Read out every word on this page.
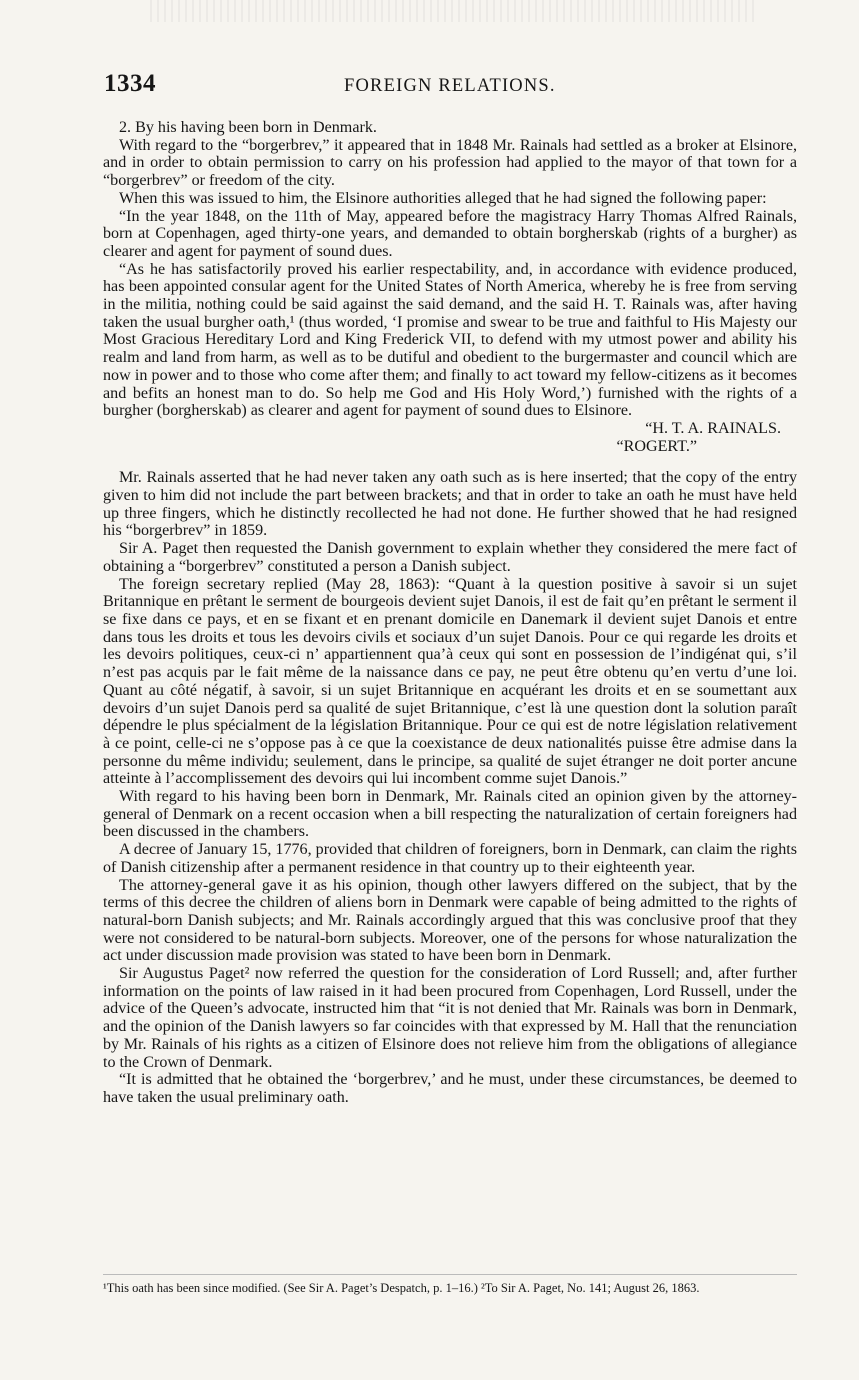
1334	FOREIGN RELATIONS.

2. By his having been born in Denmark.

With regard to the “borgerbrev,” it appeared that in 1848 Mr. Rainals had settled as a broker at Elsinore, and in order to obtain permission to carry on his profession had applied to the mayor of that town for a “borgerbrev” or freedom of the city.

When this was issued to him, the Elsinore authorities alleged that he had signed the following paper:

“In the year 1848, on the 11th of May, appeared before the magistracy Harry Thomas Alfred Rainals, born at Copenhagen, aged thirty-one years, and demanded to obtain borgherskab (rights of a burgher) as clearer and agent for payment of sound dues.

“As he has satisfactorily proved his earlier respectability, and, in accordance with evidence produced, has been appointed consular agent for the United States of North America, whereby he is free from serving in the militia, nothing could be said against the said demand, and the said H. T. Rainals was, after having taken the usual burgher oath,¹ (thus worded, ‘I promise and swear to be true and faithful to His Majesty our Most Gracious Hereditary Lord and King Frederick VII, to defend with my utmost power and ability his realm and land from harm, as well as to be dutiful and obedient to the burgermaster and council which are now in power and to those who come after them; and finally to act toward my fellow-citizens as it becomes and befits an honest man to do. So help me God and His Holy Word,’) furnished with the rights of a burgher (borgherskab) as clearer and agent for payment of sound dues to Elsinore.

“H. T. A. RAINALS.
“ROGERT.”

Mr. Rainals asserted that he had never taken any oath such as is here inserted; that the copy of the entry given to him did not include the part between brackets; and that in order to take an oath he must have held up three fingers, which he distinctly recollected he had not done. He further showed that he had resigned his “borgerbrev” in 1859.

Sir A. Paget then requested the Danish government to explain whether they considered the mere fact of obtaining a “borgerbrev” constituted a person a Danish subject.

The foreign secretary replied (May 28, 1863): “Quant à la question positive à savoir si un sujet Britannique en prêtant le serment de bourgeois devient sujet Danois, il est de fait qu’en prêtant le serment il se fixe dans ce pays, et en se fixant et en prenant domicile en Danemark il devient sujet Danois et entre dans tous les droits et tous les devoirs civils et sociaux d’un sujet Danois. Pour ce qui regarde les droits et les devoirs politiques, ceux-ci n’ appartiennent qua’à ceux qui sont en possession de l’indigénat qui, s’il n’est pas acquis par le fait même de la naissance dans ce pay, ne peut être obtenu qu’en vertu d’une loi. Quant au côté négatif, à savoir, si un sujet Britannique en acquérant les droits et en se soumettant aux devoirs d’un sujet Danois perd sa qualité de sujet Britannique, c’est là une question dont la solution paraît dépendre le plus spécialment de la législation Britannique. Pour ce qui est de notre législation relativement à ce point, celle-ci ne s’oppose pas à ce que la coexistance de deux nationalités puisse être admise dans la personne du même individu; seulement, dans le principe, sa qualité de sujet étranger ne doit porter ancune atteinte à l’accomplissement des devoirs qui lui incombent comme sujet Danois.”

With regard to his having been born in Denmark, Mr. Rainals cited an opinion given by the attorney-general of Denmark on a recent occasion when a bill respecting the naturalization of certain foreigners had been discussed in the chambers.

A decree of January 15, 1776, provided that children of foreigners, born in Denmark, can claim the rights of Danish citizenship after a permanent residence in that country up to their eighteenth year.

The attorney-general gave it as his opinion, though other lawyers differed on the subject, that by the terms of this decree the children of aliens born in Denmark were capable of being admitted to the rights of natural-born Danish subjects; and Mr. Rainals accordingly argued that this was conclusive proof that they were not considered to be natural-born subjects. Moreover, one of the persons for whose naturalization the act under discussion made provision was stated to have been born in Denmark.

Sir Augustus Paget² now referred the question for the consideration of Lord Russell; and, after further information on the points of law raised in it had been procured from Copenhagen, Lord Russell, under the advice of the Queen’s advocate, instructed him that “it is not denied that Mr. Rainals was born in Denmark, and the opinion of the Danish lawyers so far coincides with that expressed by M. Hall that the renunciation by Mr. Rainals of his rights as a citizen of Elsinore does not relieve him from the obligations of allegiance to the Crown of Denmark.

“It is admitted that he obtained the ‘borgerbrev,’ and he must, under these circumstances, be deemed to have taken the usual preliminary oath.

¹This oath has been since modified. (See Sir A. Paget’s Despatch, p. 1–16.) ²To Sir A. Paget, No. 141; August 26, 1863.
